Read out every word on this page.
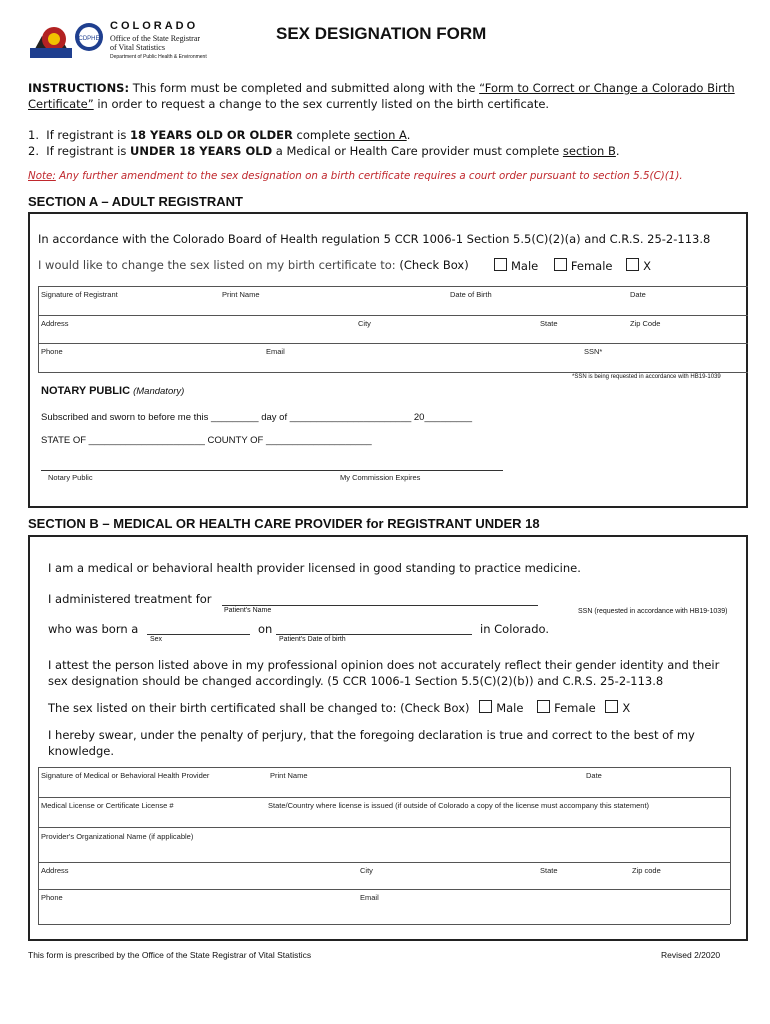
CDPHE
COLORADO
Office of the State Registrar
of Vital Statistics
Department of Public Health & Environment
SEX DESIGNATION FORM
INSTRUCTIONS: This form must be completed and submitted along with the “Form to Correct or Change a Colorado Birth
Certificate” in order to request a change to the sex currently listed on the birth certificate.
1. If registrant is 18 YEARS OLD OR OLDER complete section A.
2. If registrant is UNDER 18 YEARS OLD a Medical or Health Care provider must complete section B.
Note: Any further amendment to the sex designation on a birth certificate requires a court order pursuant to section 5.5(C)(1).
SECTION A – ADULT REGISTRANT
In accordance with the Colorado Board of Health regulation 5 CCR 1006-1 Section 5.5(C)(2)(a) and C.R.S. 25-2-113.8
I would like to change the sex listed on my birth certificate to: (Check Box)	Male	Female	X
Signature of Registrant	Print Name	Date of Birth	Date
Address	City	State	Zip Code
Phone	Email	SSN*
*SSN is being requested in accordance with HB19-1039
NOTARY PUBLIC (Mandatory)
Subscribed and sworn to before me this _________ day of _______________________ 20_________
STATE OF ______________________ COUNTY OF ____________________
Notary Public	My Commission Expires
SECTION B – MEDICAL OR HEALTH CARE PROVIDER for REGISTRANT UNDER 18
I am a medical or behavioral health provider licensed in good standing to practice medicine.
I administered treatment for
Patient's Name	SSN (requested in accordance with HB19-1039)
who was born a
Sex
on
Patient's Date of birth
in Colorado.
I attest the person listed above in my professional opinion does not accurately reflect their gender identity and their
sex designation should be changed accordingly. (5 CCR 1006-1 Section 5.5(C)(2)(b)) and C.R.S. 25-2-113.8
The sex listed on their birth certificated shall be changed to: (Check Box) Male	Female X
I hereby swear, under the penalty of perjury, that the foregoing declaration is true and correct to the best of my
knowledge.
Signature of Medical or Behavioral Health Provider	Print Name	Date
Medical License or Certificate License #	State/Country where license is issued (if outside of Colorado a copy of the license must accompany this statement)
Provider's Organizational Name (if applicable)
Address	City	State	Zip code
Phone	Email
This form is prescribed by the Office of the State Registrar of Vital Statistics	Revised 2/2020
